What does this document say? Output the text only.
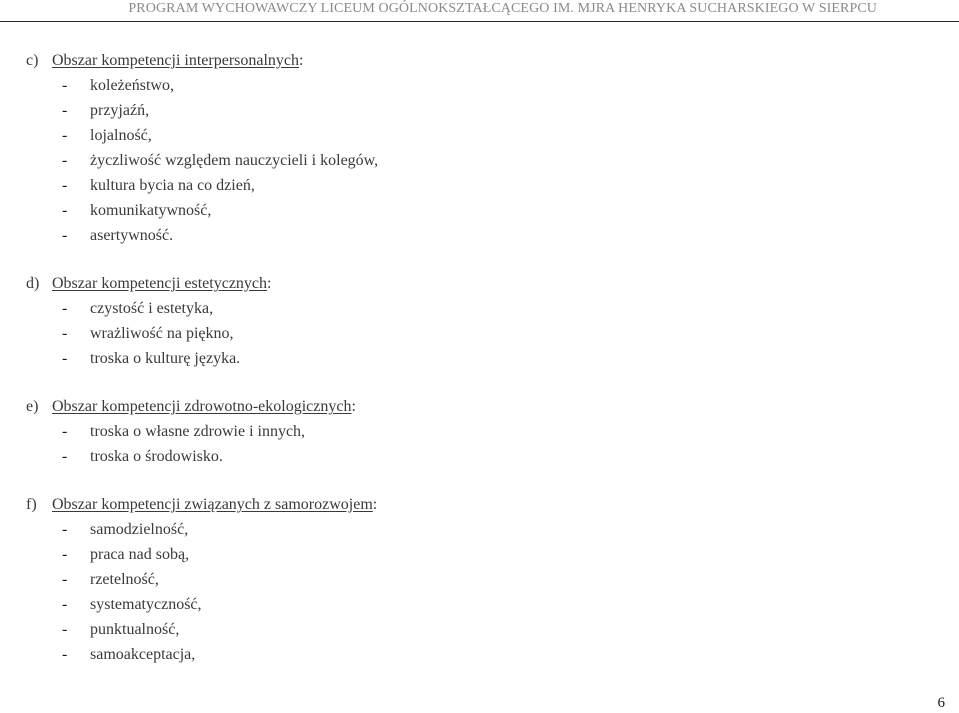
PROGRAM WYCHOWAWCZY LICEUM OGÓLNOKSZTAŁCĄCEGO IM. MJRA HENRYKA SUCHARSKIEGO W SIERPCU
c) Obszar kompetencji interpersonalnych:
- koleżeństwo,
- przyjaźń,
- lojalność,
- życzliwość względem nauczycieli i kolegów,
- kultura bycia na co dzień,
- komunikatywność,
- asertywność.
d) Obszar kompetencji estetycznych:
- czystość i estetyka,
- wrażliwość na piękno,
- troska o kulturę języka.
e) Obszar kompetencji zdrowotno-ekologicznych:
- troska o własne zdrowie i innych,
- troska o środowisko.
f) Obszar kompetencji związanych z samorozwojem:
- samodzielność,
- praca nad sobą,
- rzetelność,
- systematyczność,
- punktualność,
- samoakceptacja,
6
